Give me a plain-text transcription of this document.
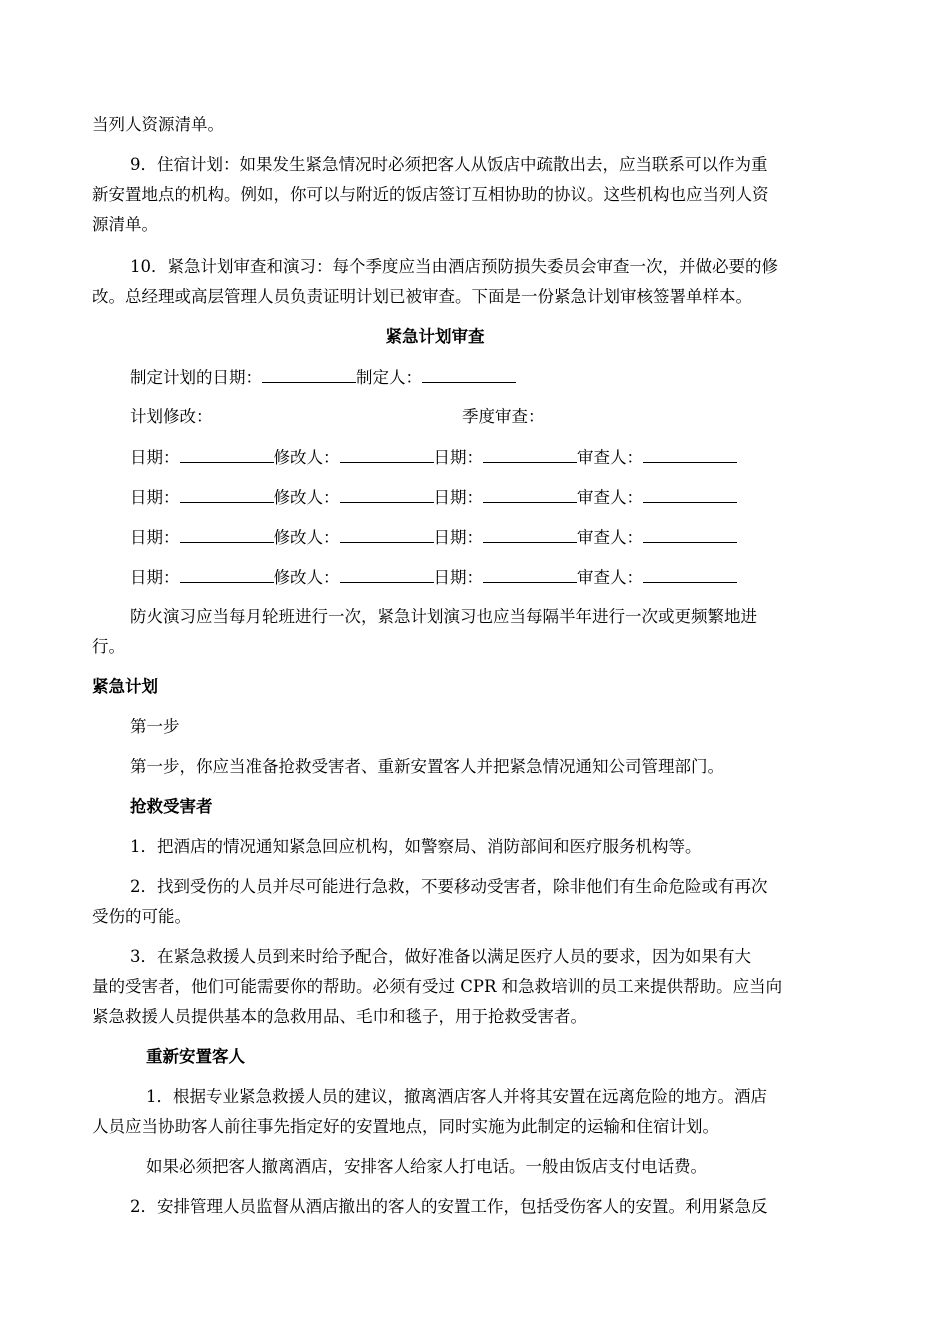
当列人资源清单。
9．住宿计划：如果发生紧急情况时必须把客人从饭店中疏散出去，应当联系可以作为重
新安置地点的机构。例如，你可以与附近的饭店签订互相协助的协议。这些机构也应当列人资
源清单。
10．紧急计划审查和演习：每个季度应当由酒店预防损失委员会审查一次，并做必要的修
改。总经理或高层管理人员负责证明计划已被审查。下面是一份紧急计划审核签署单样本。
紧急计划审查
制定计划的日期：	制定人：
计划修改：	季度审查：
日期：	修改人：	日期：	审查人：
日期：	修改人：	日期：	审查人：
日期：	修改人：	日期：	审查人：
日期：	修改人：	日期：	审查人：
防火演习应当每月轮班进行一次，紧急计划演习也应当每隔半年进行一次或更频繁地进
行。
紧急计划
第一步
第一步，你应当准备抢救受害者、重新安置客人并把紧急情况通知公司管理部门。
抢救受害者
1．把酒店的情况通知紧急回应机构，如警察局、消防部间和医疗服务机构等。
2．找到受伤的人员并尽可能进行急救，不要移动受害者，除非他们有生命危险或有再次
受伤的可能。
3．在紧急救援人员到来时给予配合，做好准备以满足医疗人员的要求，因为如果有大
量的受害者，他们可能需要你的帮助。必须有受过 CPR 和急救培训的员工来提供帮助。应当向
紧急救援人员提供基本的急救用品、毛巾和毯子，用于抢救受害者。
重新安置客人
1．根据专业紧急救援人员的建议，撤离酒店客人并将其安置在远离危险的地方。酒店
人员应当协助客人前往事先指定好的安置地点，同时实施为此制定的运输和住宿计划。
如果必须把客人撤离酒店，安排客人给家人打电话。一般由饭店支付电话费。
2．安排管理人员监督从酒店撤出的客人的安置工作，包括受伤客人的安置。利用紧急反
